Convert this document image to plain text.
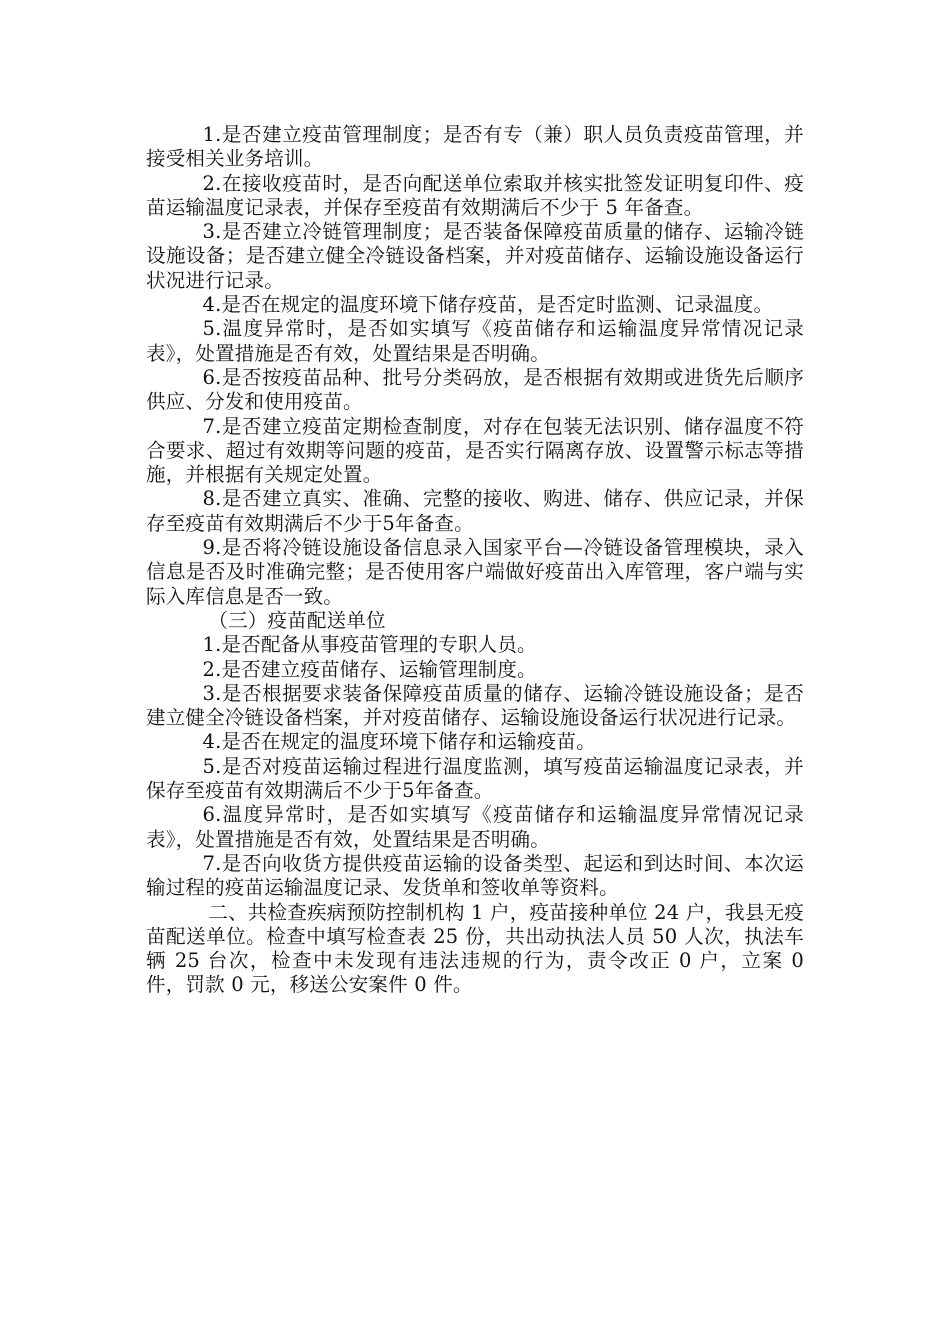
1.是否建立疫苗管理制度；是否有专（兼）职人员负责疫苗管理，并接受相关业务培训。

2.在接收疫苗时，是否向配送单位索取并核实批签发证明复印件、疫苗运输温度记录表，并保存至疫苗有效期满后不少于 5 年备查。

3.是否建立冷链管理制度；是否装备保障疫苗质量的储存、运输冷链设施设备；是否建立健全冷链设备档案，并对疫苗储存、运输设施设备运行状况进行记录。

4.是否在规定的温度环境下储存疫苗，是否定时监测、记录温度。

5.温度异常时，是否如实填写《疫苗储存和运输温度异常情况记录表》，处置措施是否有效，处置结果是否明确。

6.是否按疫苗品种、批号分类码放，是否根据有效期或进货先后顺序供应、分发和使用疫苗。

7.是否建立疫苗定期检查制度，对存在包装无法识别、储存温度不符合要求、超过有效期等问题的疫苗，是否实行隔离存放、设置警示标志等措施，并根据有关规定处置。

8.是否建立真实、准确、完整的接收、购进、储存、供应记录，并保存至疫苗有效期满后不少于5年备查。

9.是否将冷链设施设备信息录入国家平台—冷链设备管理模块，录入信息是否及时准确完整；是否使用客户端做好疫苗出入库管理，客户端与实际入库信息是否一致。

（三）疫苗配送单位

1.是否配备从事疫苗管理的专职人员。

2.是否建立疫苗储存、运输管理制度。

3.是否根据要求装备保障疫苗质量的储存、运输冷链设施设备；是否建立健全冷链设备档案，并对疫苗储存、运输设施设备运行状况进行记录。

4.是否在规定的温度环境下储存和运输疫苗。

5.是否对疫苗运输过程进行温度监测，填写疫苗运输温度记录表，并保存至疫苗有效期满后不少于5年备查。

6.温度异常时，是否如实填写《疫苗储存和运输温度异常情况记录表》，处置措施是否有效，处置结果是否明确。

7.是否向收货方提供疫苗运输的设备类型、起运和到达时间、本次运输过程的疫苗运输温度记录、发货单和签收单等资料。

二、共检查疾病预防控制机构 1 户，疫苗接种单位 24 户，我县无疫苗配送单位。检查中填写检查表 25 份，共出动执法人员 50 人次，执法车辆 25 台次，检查中未发现有违法违规的行为，责令改正 0 户，立案 0 件，罚款 0 元，移送公安案件 0 件。
